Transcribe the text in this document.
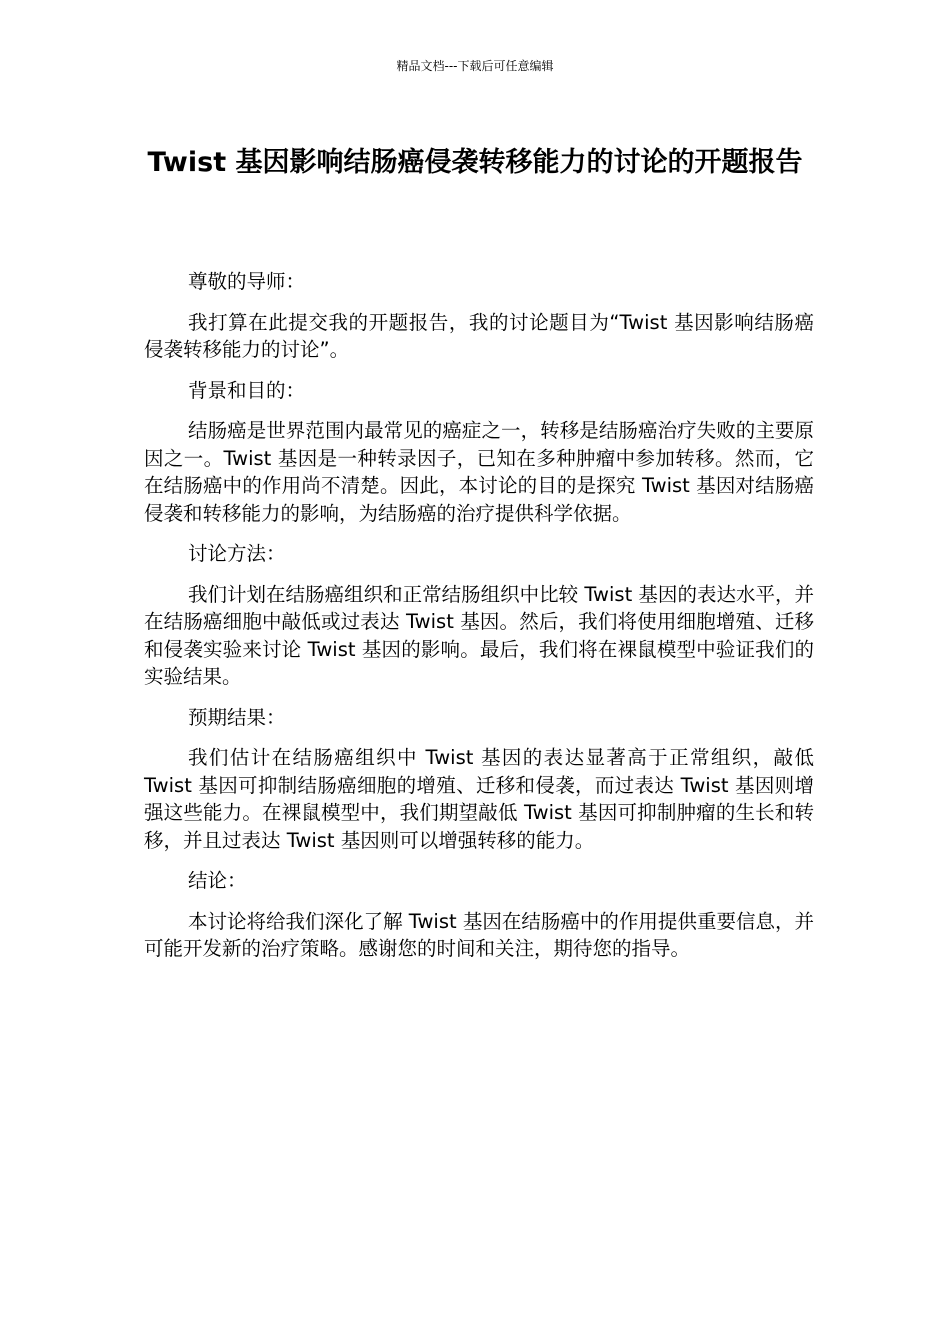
精品文档---下载后可任意编辑
Twist 基因影响结肠癌侵袭转移能力的讨论的开题报告

尊敬的导师：

我打算在此提交我的开题报告，我的讨论题目为“Twist 基因影响结肠癌侵袭转移能力的讨论”。

背景和目的：

结肠癌是世界范围内最常见的癌症之一，转移是结肠癌治疗失败的主要原因之一。Twist 基因是一种转录因子，已知在多种肿瘤中参加转移。然而，它在结肠癌中的作用尚不清楚。因此，本讨论的目的是探究 Twist 基因对结肠癌侵袭和转移能力的影响，为结肠癌的治疗提供科学依据。

讨论方法：

我们计划在结肠癌组织和正常结肠组织中比较 Twist 基因的表达水平，并在结肠癌细胞中敲低或过表达 Twist 基因。然后，我们将使用细胞增殖、迁移和侵袭实验来讨论 Twist 基因的影响。最后，我们将在裸鼠模型中验证我们的实验结果。

预期结果：

我们估计在结肠癌组织中 Twist 基因的表达显著高于正常组织，敲低 Twist 基因可抑制结肠癌细胞的增殖、迁移和侵袭，而过表达 Twist 基因则增强这些能力。在裸鼠模型中，我们期望敲低 Twist 基因可抑制肿瘤的生长和转移，并且过表达 Twist 基因则可以增强转移的能力。

结论：

本讨论将给我们深化了解 Twist 基因在结肠癌中的作用提供重要信息，并可能开发新的治疗策略。感谢您的时间和关注，期待您的指导。
